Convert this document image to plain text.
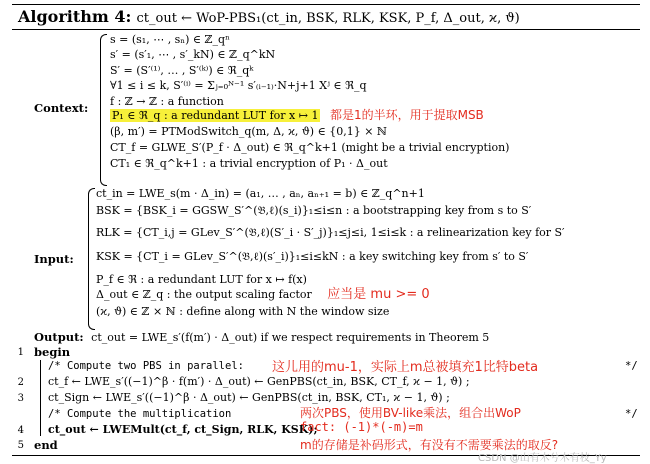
Algorithm 4: ct_out ← WoP-PBS₁(ct_in, BSK, RLK, KSK, P_f, Δ_out, ϰ, ϑ)
Context:
s = (s₁, ⋯ , sₙ) ∈ ℤ_qⁿ
s′ = (s′₁, ⋯ , s′_kN) ∈ ℤ_q^kN
S′ = (S′⁽¹⁾, … , S′⁽ᵏ⁾) ∈ ℜ_qᵏ
∀1 ≤ i ≤ k, S′⁽ⁱ⁾ = Σⱼ₌₀ᴺ⁻¹ s′₍ᵢ₋₁₎·N+j+1 Xʲ ∈ ℜ_q
f : ℤ → ℤ : a function
P₁ ∈ ℜ_q : a redundant LUT for x ↦ 1 都是1的半环，用于提取MSB
(β, m′) = PTModSwitch_q(m, Δ, ϰ, ϑ) ∈ {0,1} × ℕ
CT_f = GLWE_S′(P_f · Δ_out) ∈ ℜ_q^k+1 (might be a trivial encryption)
CT₁ ∈ ℜ_q^k+1 : a trivial encryption of P₁ · Δ_out
Input:
ct_in = LWE_s(m · Δ_in) = (a₁, … , aₙ, aₙ₊₁ = b) ∈ ℤ_q^n+1
BSK = {BSK_i = GGSW_S′^(𝔅,ℓ)(s_i)}₁≤i≤n : a bootstrapping key from s to S′
RLK = {CT_i,j = GLev_S′^(𝔅,ℓ)(S′_i · S′_j)}₁≤j≤i, 1≤i≤k : a relinearization key for S′
KSK = {CT_i = GLev_S′^(𝔅,ℓ)(s′_i)}₁≤i≤kN : a key switching key from s′ to S′
P_f ∈ ℜ : a redundant LUT for x ↦ f(x)
Δ_out ∈ ℤ_q : the output scaling factor 应当是 mu >= 0
(ϰ, ϑ) ∈ ℤ × ℕ : define along with N the window size
Output: ct_out = LWE_s′(f(m′) · Δ_out) if we respect requirements in Theorem 5
1 begin
/* Compute two PBS in parallel: 这儿用的mu-1，实际上m总被填充1比特beta	*/
2 ct_f ← LWE_s′((−1)^β · f(m′) · Δ_out) ← GenPBS(ct_in, BSK, CT_f, ϰ − 1, ϑ) ;
3 ct_Sign ← LWE_s′((−1)^β · Δ_out) ← GenPBS(ct_in, BSK, CT₁, ϰ − 1, ϑ) ;
/* Compute the multiplication	两次PBS，使用BV-like乘法，组合出WoP	*/
4 ct_out ← LWEMult(ct_f, ct_Sign, RLK, KSK);
fact: (-1)*(-m)=m
5 end	m的存储是补码形式，有没有不需要乘法的取反?
CSDN @山有木兮木有枝_Yy
